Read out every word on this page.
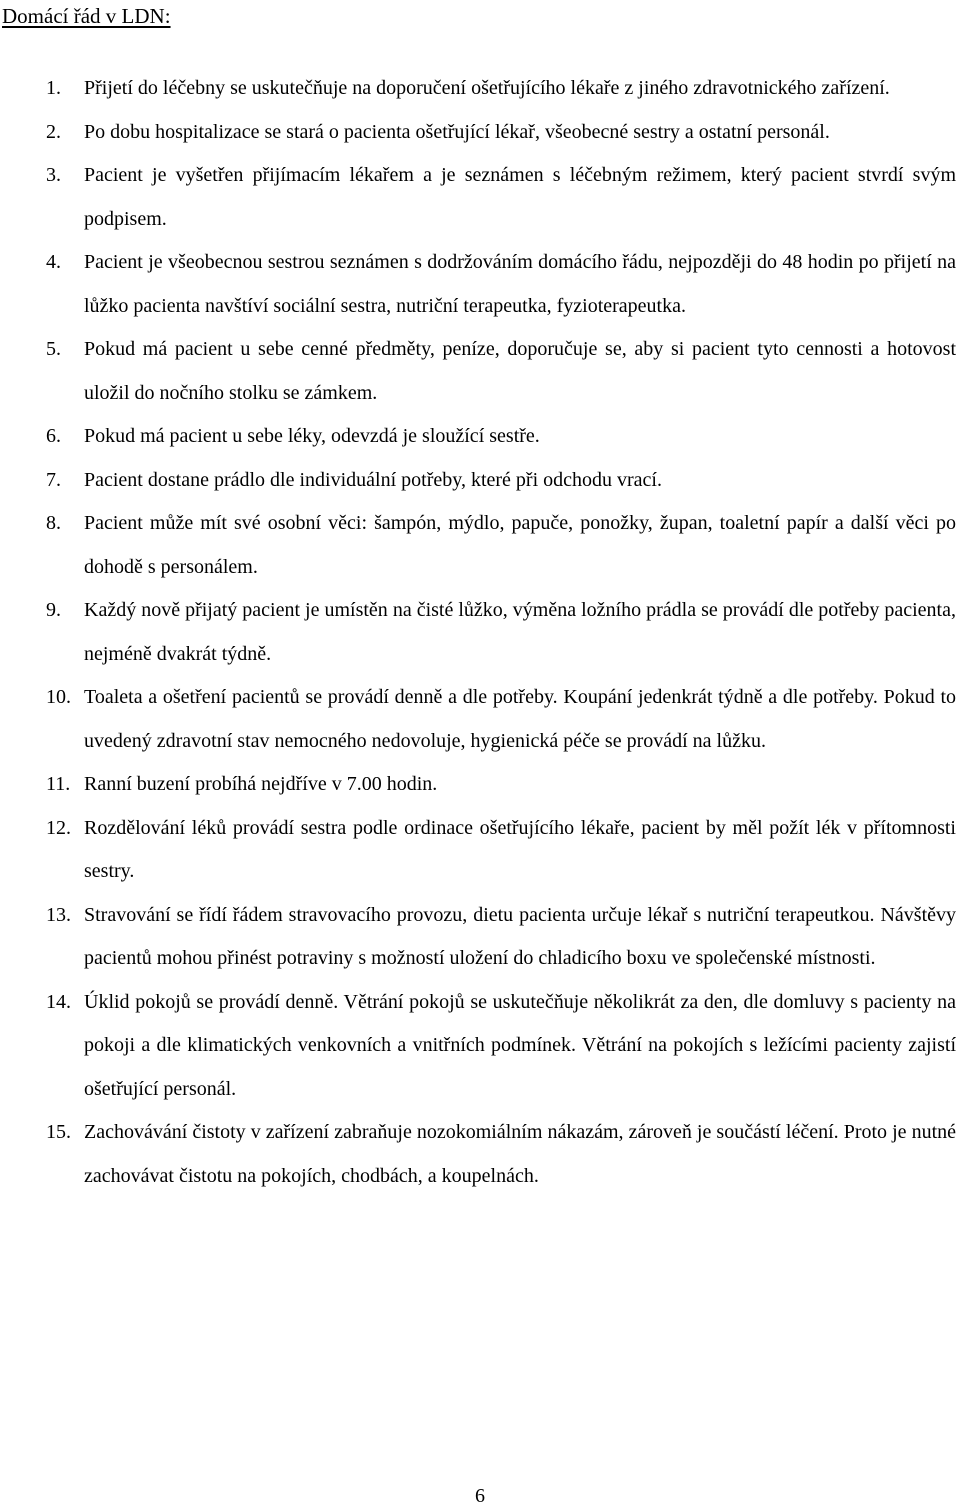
Domácí řád v LDN:
1. Přijetí do léčebny se uskutečňuje na doporučení ošetřujícího lékaře z jiného zdravotnického zařízení.
2. Po dobu hospitalizace se stará o pacienta ošetřující lékař, všeobecné sestry a ostatní personál.
3. Pacient je vyšetřen přijímacím lékařem a je seznámen s léčebným režimem, který pacient stvrdí svým podpisem.
4. Pacient je všeobecnou sestrou seznámen s dodržováním domácího řádu, nejpozději do 48 hodin po přijetí na lůžko pacienta navštíví sociální sestra, nutriční terapeutka, fyzioterapeutka.
5. Pokud má pacient u sebe cenné předměty, peníze, doporučuje se, aby si pacient tyto cennosti a hotovost uložil do nočního stolku se zámkem.
6. Pokud má pacient u sebe léky, odevzdá je sloužící sestře.
7. Pacient dostane prádlo dle individuální potřeby, které při odchodu vrací.
8. Pacient může mít své osobní věci: šampón, mýdlo, papuče, ponožky, župan, toaletní papír a další věci po dohodě s personálem.
9. Každý nově přijatý pacient je umístěn na čisté lůžko, výměna ložního prádla se provádí dle potřeby pacienta, nejméně dvakrát týdně.
10. Toaleta a ošetření pacientů se provádí denně a dle potřeby. Koupání jedenkrát týdně a dle potřeby. Pokud to uvedený zdravotní stav nemocného nedovoluje, hygienická péče se provádí na lůžku.
11. Ranní buzení probíhá nejdříve v 7.00 hodin.
12. Rozdělování léků provádí sestra podle ordinace ošetřujícího lékaře, pacient by měl požít lék v přítomnosti sestry.
13. Stravování se řídí řádem stravovacího provozu, dietu pacienta určuje lékař s nutriční terapeutkou. Návštěvy pacientů mohou přinést potraviny s možností uložení do chladicího boxu ve společenské místnosti.
14. Úklid pokojů se provádí denně. Větrání pokojů se uskutečňuje několikrát za den, dle domluvy s pacienty na pokoji a dle klimatických venkovních a vnitřních podmínek. Větrání na pokojích s ležícími pacienty zajistí ošetřující personál.
15. Zachovávání čistoty v zařízení zabraňuje nozokomiálním nákazám, zároveň je součástí léčení. Proto je nutné zachovávat čistotu na pokojích, chodbách, a koupelnách.
6
